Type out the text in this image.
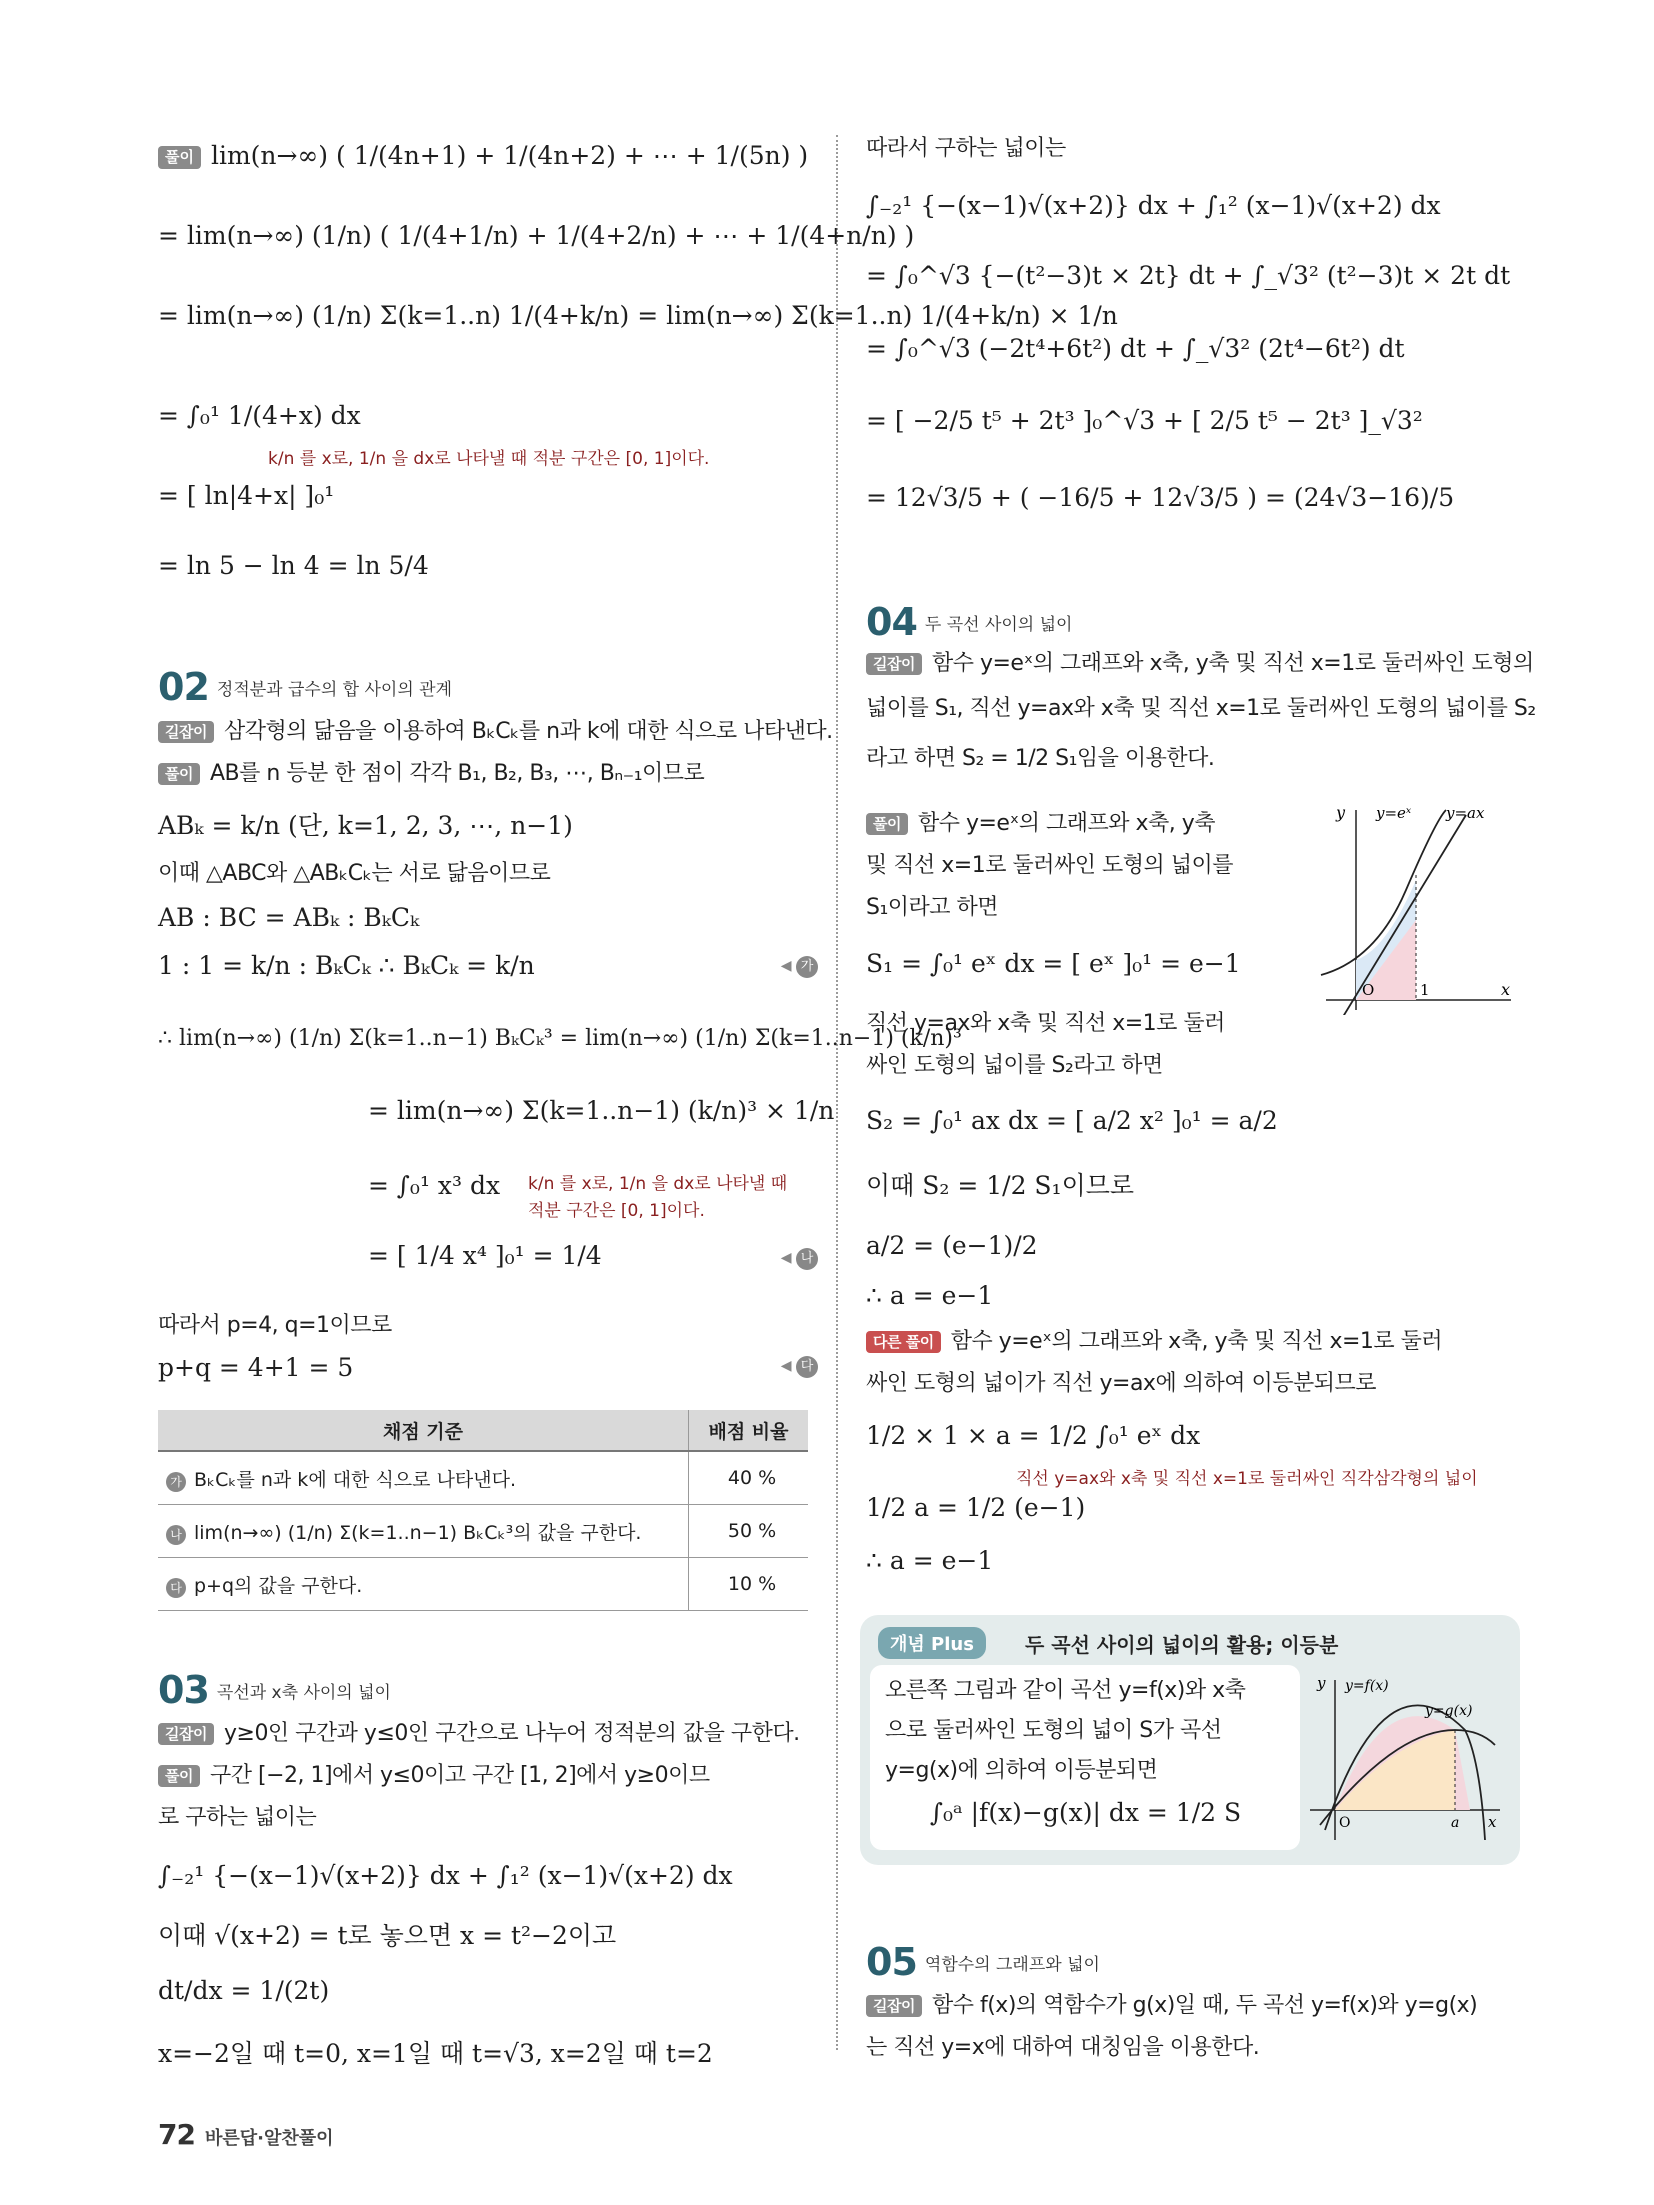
풀이 lim(n→∞) ( 1/(4n+1) + 1/(4n+2) + ⋯ + 1/(5n) )
= lim(n→∞) (1/n) ( 1/(4+1/n) + 1/(4+2/n) + ⋯ + 1/(4+n/n) )
= lim(n→∞) (1/n) Σ(k=1..n) 1/(4+k/n) = lim(n→∞) Σ(k=1..n) 1/(4+k/n) × 1/n
= ∫₀¹ 1/(4+x) dx
k/n 를 x로, 1/n 을 dx로 나타낼 때 적분 구간은 [0, 1]이다.
= [ ln|4+x| ]₀¹
= ln 5 − ln 4 = ln 5/4
02 정적분과 급수의 합 사이의 관계
길잡이 삼각형의 닮음을 이용하여 BₖCₖ를 n과 k에 대한 식으로 나타낸다.
풀이 AB를 n 등분 한 점이 각각 B₁, B₂, B₃, ⋯, Bₙ₋₁이므로
ABₖ = k/n (단, k=1, 2, 3, ⋯, n−1)
이때 △ABC와 △ABₖCₖ는 서로 닮음이므로
AB : BC = ABₖ : BₖCₖ
1 : 1 = k/n : BₖCₖ ∴ BₖCₖ = k/n	◀ 가
∴ lim(n→∞) (1/n) Σ(k=1..n−1) BₖCₖ³ = lim(n→∞) (1/n) Σ(k=1..n−1) (k/n)³
= lim(n→∞) Σ(k=1..n−1) (k/n)³ × 1/n
= ∫₀¹ x³ dx k/n 를 x로, 1/n 을 dx로 나타낼 때
적분 구간은 [0, 1]이다.
= [ 1/4 x⁴ ]₀¹ = 1/4	◀ 나
따라서 p=4, q=1이므로
p+q = 4+1 = 5	◀ 다
채점 기준	배점 비율
가 BₖCₖ를 n과 k에 대한 식으로 나타낸다.	40 %
나 lim(n→∞) (1/n) Σ(k=1..n−1) BₖCₖ³의 값을 구한다.	50 %
다 p+q의 값을 구한다.	10 %
03 곡선과 x축 사이의 넓이
길잡이 y≥0인 구간과 y≤0인 구간으로 나누어 정적분의 값을 구한다.
풀이 구간 [−2, 1]에서 y≤0이고 구간 [1, 2]에서 y≥0이므
로 구하는 넓이는
∫₋₂¹ {−(x−1)√(x+2)} dx + ∫₁² (x−1)√(x+2) dx
이때 √(x+2) = t로 놓으면 x = t²−2이고
dt/dx = 1/(2t)
x=−2일 때 t=0, x=1일 때 t=√3, x=2일 때 t=2
따라서 구하는 넓이는
∫₋₂¹ {−(x−1)√(x+2)} dx + ∫₁² (x−1)√(x+2) dx
= ∫₀^√3 {−(t²−3)t × 2t} dt + ∫_√3² (t²−3)t × 2t dt
= ∫₀^√3 (−2t⁴+6t²) dt + ∫_√3² (2t⁴−6t²) dt
= [ −2/5 t⁵ + 2t³ ]₀^√3 + [ 2/5 t⁵ − 2t³ ]_√3²
= 12√3/5 + ( −16/5 + 12√3/5 ) = (24√3−16)/5
04 두 곡선 사이의 넓이
길잡이 함수 y=eˣ의 그래프와 x축, y축 및 직선 x=1로 둘러싸인 도형의
넓이를 S₁, 직선 y=ax와 x축 및 직선 x=1로 둘러싸인 도형의 넓이를 S₂
라고 하면 S₂ = 1/2 S₁임을 이용한다.
풀이 함수 y=eˣ의 그래프와 x축, y축
및 직선 x=1로 둘러싸인 도형의 넓이를
S₁이라고 하면
S₁ = ∫₀¹ eˣ dx = [ eˣ ]₀¹ = e−1
직선 y=ax와 x축 및 직선 x=1로 둘러
싸인 도형의 넓이를 S₂라고 하면
S₂ = ∫₀¹ ax dx = [ a/2 x² ]₀¹ = a/2
이때 S₂ = 1/2 S₁이므로
a/2 = (e−1)/2
∴ a = e−1
y
x
O	1
y=eˣ y=ax
다른 풀이 함수 y=eˣ의 그래프와 x축, y축 및 직선 x=1로 둘러
싸인 도형의 넓이가 직선 y=ax에 의하여 이등분되므로
1/2 × 1 × a = 1/2 ∫₀¹ eˣ dx
직선 y=ax와 x축 및 직선 x=1로 둘러싸인 직각삼각형의 넓이
1/2 a = 1/2 (e−1)
∴ a = e−1
개념 Plus	두 곡선 사이의 넓이의 활용; 이등분
오른쪽 그림과 같이 곡선 y=f(x)와 x축
으로 둘러싸인 도형의 넓이 S가 곡선
y=g(x)에 의하여 이등분되면
∫₀ᵃ |f(x)−g(x)| dx = 1/2 S
y
x
O	a
y=f(x)
y=g(x)
05 역함수의 그래프와 넓이
길잡이 함수 f(x)의 역함수가 g(x)일 때, 두 곡선 y=f(x)와 y=g(x)
는 직선 y=x에 대하여 대칭임을 이용한다.
72 바른답·알찬풀이
